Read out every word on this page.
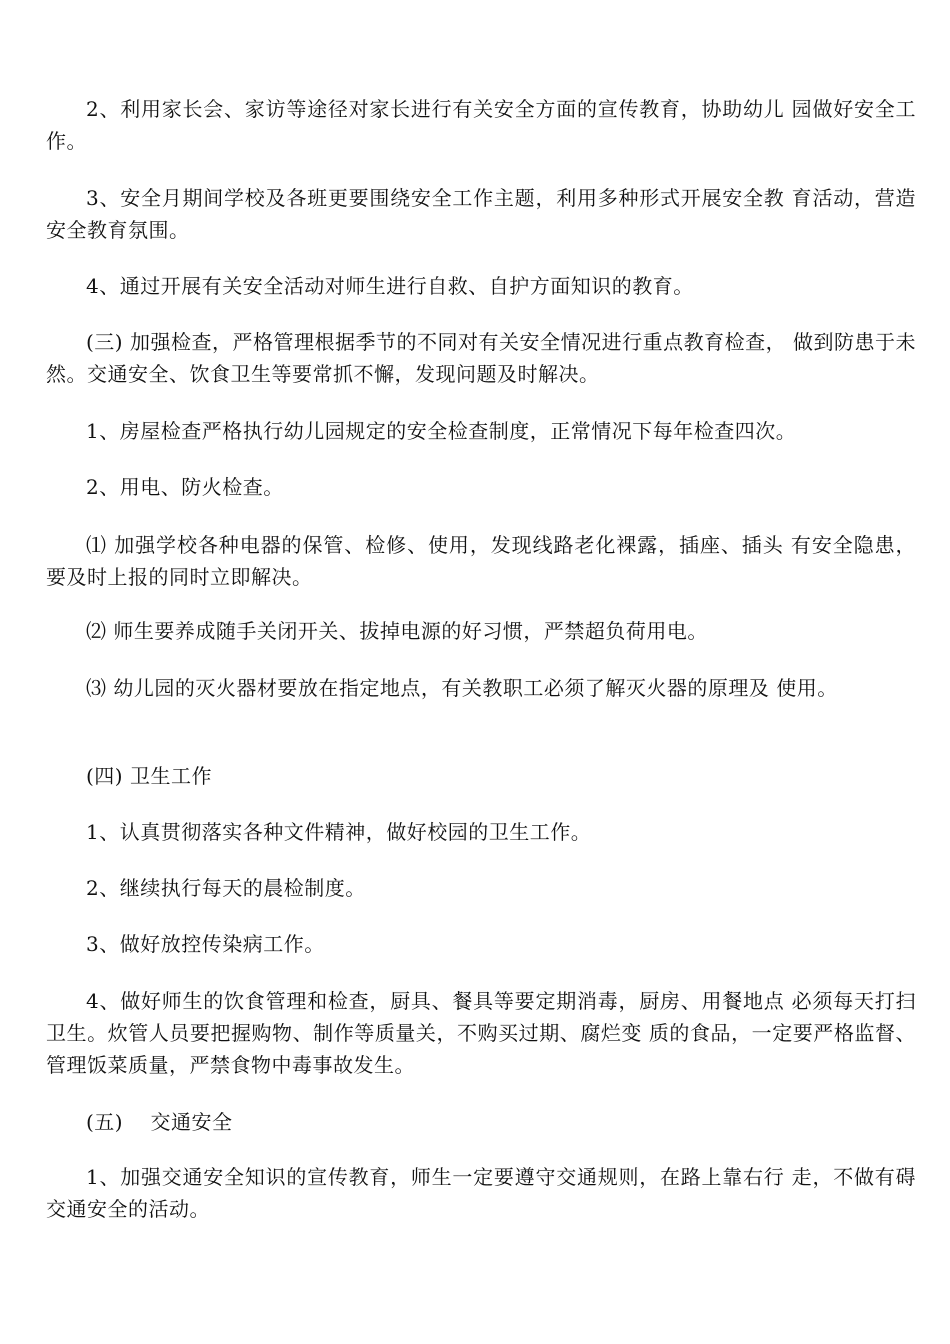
2、利用家长会、家访等途径对家长进行有关安全方面的宣传教育，协助幼儿 园做好安全工作。

3、安全月期间学校及各班更要围绕安全工作主题，利用多种形式开展安全教 育活动，营造安全教育氛围。

4、通过开展有关安全活动对师生进行自救、自护方面知识的教育。

(三) 加强检查，严格管理根据季节的不同对有关安全情况进行重点教育检查， 做到防患于未然。交通安全、饮食卫生等要常抓不懈，发现问题及时解决。

1、房屋检查严格执行幼儿园规定的安全检查制度，正常情况下每年检查四次。

2、用电、防火检查。

⑴ 加强学校各种电器的保管、检修、使用，发现线路老化裸露，插座、插头 有安全隐患，要及时上报的同时立即解决。

⑵ 师生要养成随手关闭开关、拔掉电源的好习惯，严禁超负荷用电。

⑶ 幼儿园的灭火器材要放在指定地点，有关教职工必须了解灭火器的原理及 使用。

(四) 卫生工作

1、认真贯彻落实各种文件精神，做好校园的卫生工作。

2、继续执行每天的晨检制度。

3、做好放控传染病工作。

4、做好师生的饮食管理和检查，厨具、餐具等要定期消毒，厨房、用餐地点 必须每天打扫卫生。炊管人员要把握购物、制作等质量关，不购买过期、腐烂变 质的食品，一定要严格监督、管理饭菜质量，严禁食物中毒事故发生。

(五)　 交通安全

1、加强交通安全知识的宣传教育，师生一定要遵守交通规则，在路上靠右行 走，不做有碍交通安全的活动。
